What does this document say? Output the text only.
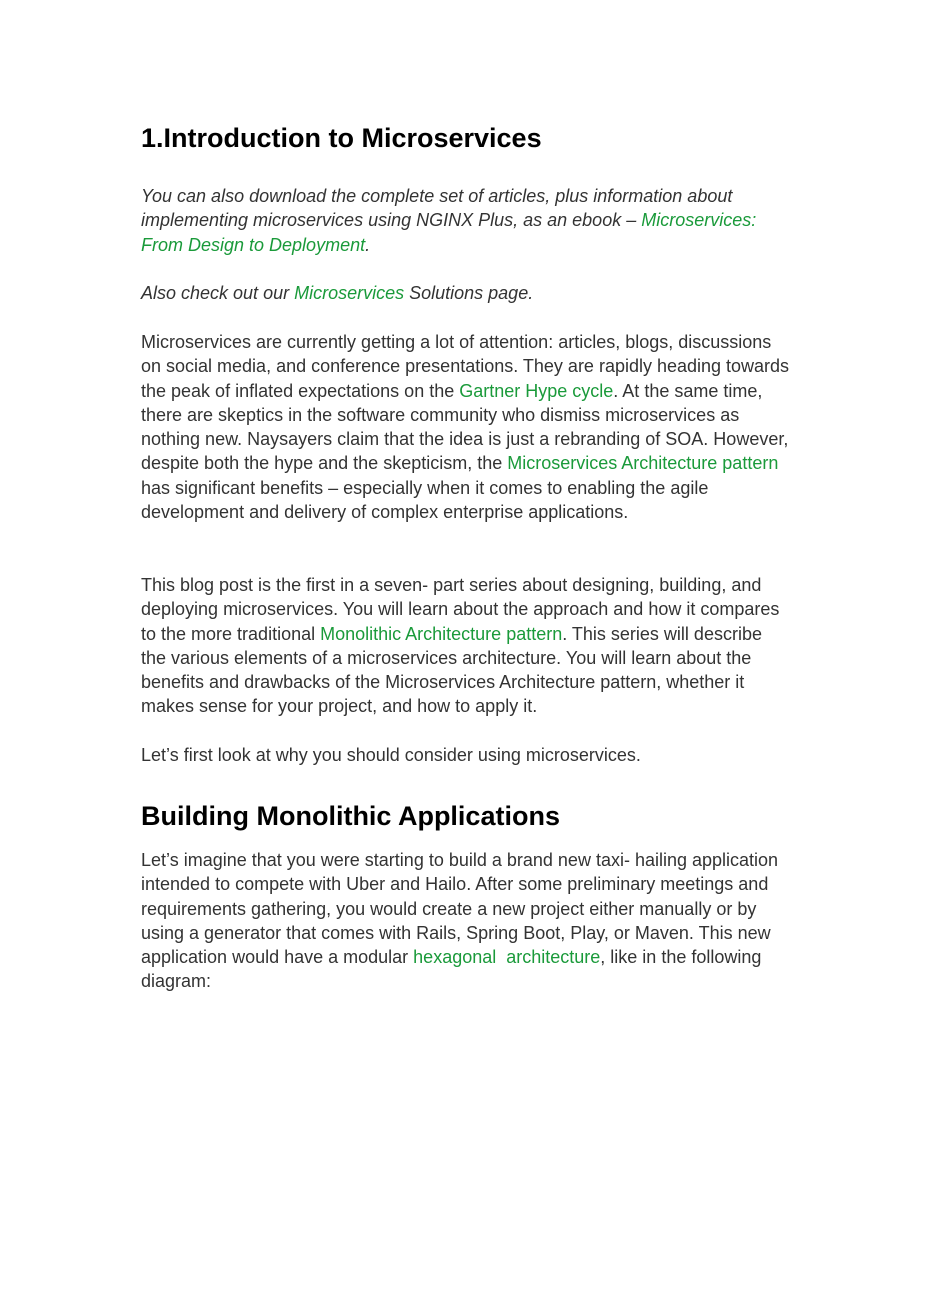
1.Introduction to Microservices

You can also download the complete set of articles, plus information about implementing microservices using NGINX Plus, as an ebook – Microservices: From Design to Deployment.

Also check out our Microservices Solutions page.

Microservices are currently getting a lot of attention: articles, blogs, discussions on social media, and conference presentations. They are rapidly heading towards the peak of inflated expectations on the Gartner Hype cycle. At the same time, there are skeptics in the software community who dismiss microservices as nothing new. Naysayers claim that the idea is just a rebranding of SOA. However, despite both the hype and the skepticism, the Microservices Architecture pattern has significant benefits – especially when it comes to enabling the agile development and delivery of complex enterprise applications.

This blog post is the first in a seven- part series about designing, building, and deploying microservices. You will learn about the approach and how it compares to the more traditional Monolithic Architecture pattern. This series will describe the various elements of a microservices architecture. You will learn about the benefits and drawbacks of the Microservices Architecture pattern, whether it makes sense for your project, and how to apply it.

Let’s first look at why you should consider using microservices.

Building Monolithic Applications

Let’s imagine that you were starting to build a brand new taxi- hailing application intended to compete with Uber and Hailo. After some preliminary meetings and requirements gathering, you would create a new project either manually or by using a generator that comes with Rails, Spring Boot, Play, or Maven. This new application would have a modular hexagonal  architecture, like in the following diagram:
